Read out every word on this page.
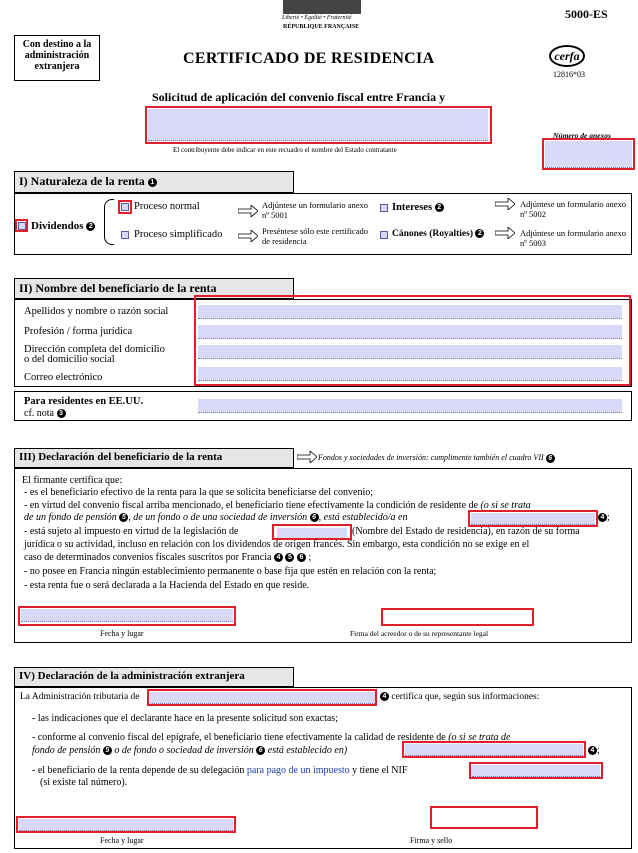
Liberté • Égalité • Fraternité
RÉPUBLIQUE FRANÇAISE
5000-ES
Con destino a la administración extranjera	CERTIFICADO DE RESIDENCIA	cerfa
12816*03
Solicitud de aplicación del convenio fiscal entre Francia y
El contribuyente debe indicar en este recuadro el nombre del Estado contratante
Número de anexos
I) Naturaleza de la renta 1
Dividendos 2
Proceso normal
Proceso simplificado
Adjúntese un formulario anexo nº 5001
Preséntese sólo este certificado de residencia
Intereses 2	Adjúntese un formulario anexo nº 5002
Cánones (Royalties) 2	Adjúntese un formulario anexo nº 5003
II) Nombre del beneficiario de la renta
Apellidos y nombre o razón social
Profesión / forma jurídica
Dirección completa del domicilio
o del domicilio social
Correo electrónico
Para residentes en EE.UU.
cf. nota 3
III) Declaración del beneficiario de la renta	Fondos y sociedades de inversión: cumplimente también el cuadro VII 6
El firmante certifica que:
- es el beneficiario efectivo de la renta para la que se solicita beneficiarse del convenio;
- en virtud del convenio fiscal arriba mencionado, el beneficiario tiene efectivamente la condición de residente de (o si se trata
de un fondo de pensión 5 , de un fondo o de una sociedad de inversión 6 , está establecido/a en	4 ;
- está sujeto al impuesto en virtud de la legislación de	(Nombre del Estado de residencia), en razón de su forma
jurídica o su actividad, incluso en relación con los dividendos de origen francés. Sin embargo, esta condición no se exige en el
caso de determinados convenios fiscales suscritos por Francia 4 5 6 ;
- no posee en Francia ningún establecimiento permanente o base fija que estén en relación con la renta;
- esta renta fue o será declarada a la Hacienda del Estado en que reside.
Fecha y lugar	Firma del acreedor o de su representante legal
IV) Declaración de la administración extranjera
La Administración tributaria de	4 certifica que, según sus informaciones:
- las indicaciones que el declarante hace en la presente solicitud son exactas;
- conforme al convenio fiscal del epígrafe, el beneficiario tiene efectivamente la calidad de residente de (o si se trata de
fondo de pensión 5 o de fondo o sociedad de inversión 6 está establecido en)	4 ;
- el beneficiario de la renta depende de su delegación para pago de un impuesto y tiene el NIF
(si existe tal número).
Fecha y lugar	Firma y sello
